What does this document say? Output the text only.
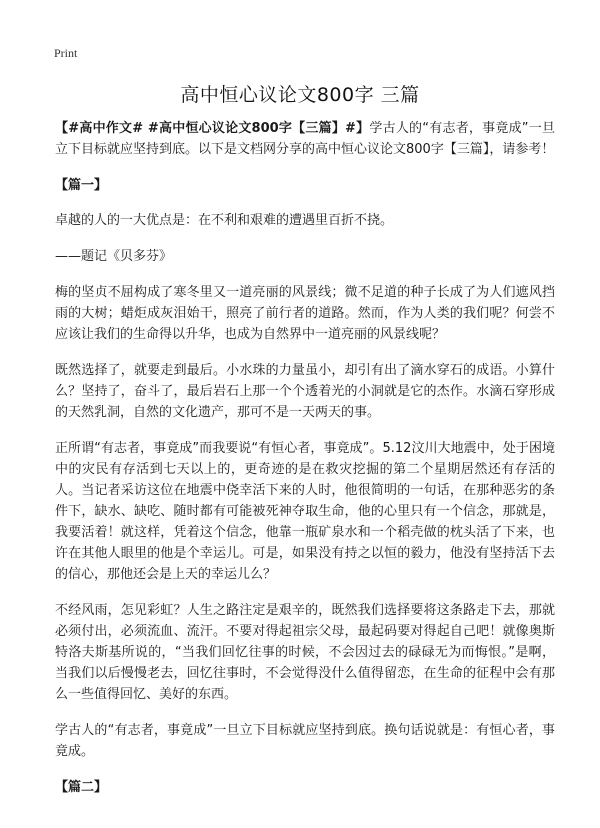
Print
高中恒心议论文800字 三篇

【#高中作文# #高中恒心议论文800字【三篇】#】学古人的“有志者，事竟成”一旦立下目标就应坚持到底。以下是文档网分享的高中恒心议论文800字【三篇】，请参考！

【篇一】

卓越的人的一大优点是：在不利和艰难的遭遇里百折不挠。

——题记《贝多芬》

梅的坚贞不屈构成了寒冬里又一道亮丽的风景线；微不足道的种子长成了为人们遮风挡雨的大树；蜡炬成灰泪始干，照亮了前行者的道路。然而，作为人类的我们呢？何尝不应该让我们的生命得以升华，也成为自然界中一道亮丽的风景线呢？

既然选择了，就要走到最后。小水珠的力量虽小，却引有出了滴水穿石的成语。小算什么？坚持了，奋斗了，最后岩石上那一个个透着光的小洞就是它的杰作。水滴石穿形成的天然乳洞，自然的文化遗产，那可不是一天两天的事。

正所谓“有志者，事竟成”而我要说“有恒心者，事竟成”。5.12汶川大地震中，处于困境中的灾民有存活到七天以上的，更奇迹的是在救灾挖掘的第二个星期居然还有存活的人。当记者采访这位在地震中侥幸活下来的人时，他很简明的一句话，在那种恶劣的条件下，缺水、缺吃、随时都有可能被死神夺取生命，他的心里只有一个信念，那就是，我要活着！就这样，凭着这个信念，他靠一瓶矿泉水和一个稻壳做的枕头活了下来，也许在其他人眼里的他是个幸运儿。可是，如果没有持之以恒的毅力，他没有坚持活下去的信心，那他还会是上天的幸运儿么？

不经风雨，怎见彩虹？人生之路注定是艰辛的，既然我们选择要将这条路走下去，那就必须付出，必须流血、流汗。不要对得起祖宗父母，最起码要对得起自己吧！就像奥斯特洛夫斯基所说的，“当我们回忆往事的时候，不会因过去的碌碌无为而悔恨。”是啊，当我们以后慢慢老去，回忆往事时，不会觉得没什么值得留恋，在生命的征程中会有那么一些值得回忆、美好的东西。

学古人的“有志者，事竟成”一旦立下目标就应坚持到底。换句话说就是：有恒心者，事竟成。

【篇二】
